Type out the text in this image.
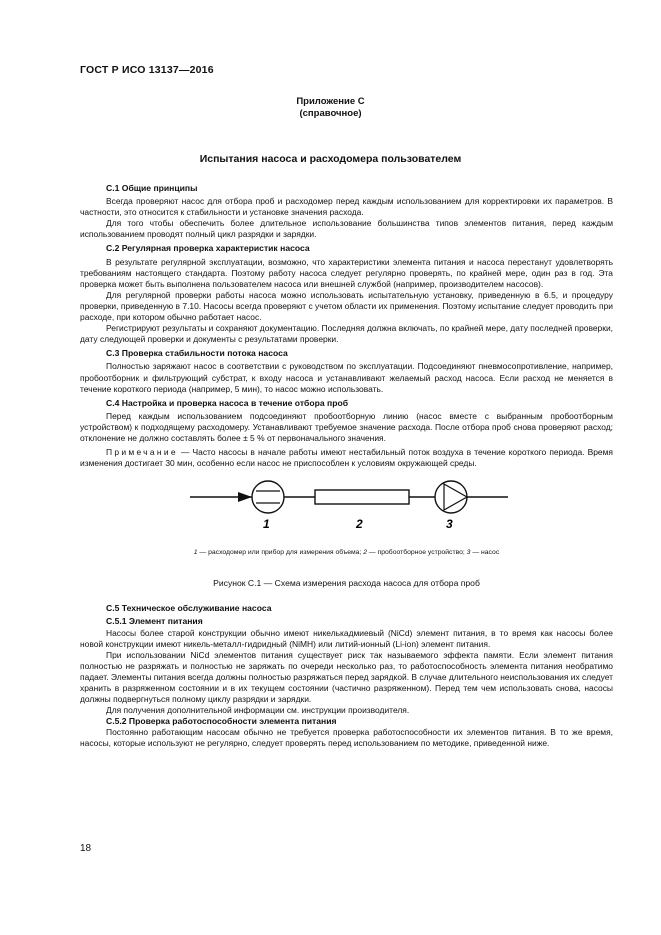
ГОСТ Р ИСО 13137—2016
Приложение С
(справочное)
Испытания насоса и расходомера пользователем
С.1 Общие принципы

Всегда проверяют насос для отбора проб и расходомер перед каждым использованием для корректировки их параметров. В частности, это относится к стабильности и установке значения расхода.

Для того чтобы обеспечить более длительное использование большинства типов элементов питания, перед каждым использованием проводят полный цикл разрядки и зарядки.

С.2 Регулярная проверка характеристик насоса

В результате регулярной эксплуатации, возможно, что характеристики элемента питания и насоса перестанут удовлетворять требованиям настоящего стандарта. Поэтому работу насоса следует регулярно проверять, по крайней мере, один раз в год. Эта проверка может быть выполнена пользователем насоса или внешней службой (например, производителем насосов).

Для регулярной проверки работы насоса можно использовать испытательную установку, приведенную в 6.5, и процедуру проверки, приведенную в 7.10. Насосы всегда проверяют с учетом области их применения. Поэтому испытание следует проводить при расходе, при котором обычно работает насос.

Регистрируют результаты и сохраняют документацию. Последняя должна включать, по крайней мере, дату последней проверки, дату следующей проверки и документы с результатами проверки.

С.3 Проверка стабильности потока насоса

Полностью заряжают насос в соответствии с руководством по эксплуатации. Подсоединяют пневмосопротивление, например, пробоотборник и фильтрующий субстрат, к входу насоса и устанавливают желаемый расход насоса. Если расход не меняется в течение короткого периода (например, 5 мин), то насос можно использовать.

С.4 Настройка и проверка насоса в течение отбора проб

Перед каждым использованием подсоединяют пробоотборную линию (насос вместе с выбранным пробоотборным устройством) к подходящему расходомеру. Устанавливают требуемое значение расхода. После отбора проб снова проверяют расход; отклонение не должно составлять более ± 5 % от первоначального значения.

Примечание — Часто насосы в начале работы имеют нестабильный поток воздуха в течение короткого периода. Время изменения достигает 30 мин, особенно если насос не приспособлен к условиям окружающей среды.

1	2	3
1 — расходомер или прибор для измерения объема; 2 — пробоотборное устройство; 3 — насос
Рисунок С.1 — Схема измерения расхода насоса для отбора проб
С.5 Техническое обслуживание насоса
С.5.1 Элемент питания

Насосы более старой конструкции обычно имеют никелькадмиевый (NiCd) элемент питания, в то время как насосы более новой конструкции имеют никель-металл-гидридный (NiMH) или литий-ионный (Li-ion) элемент питания.

При использовании NiCd элементов питания существует риск так называемого эффекта памяти. Если элемент питания полностью не разряжать и полностью не заряжать по очереди несколько раз, то работоспособность элемента питания необратимо падает. Элементы питания всегда должны полностью разряжаться перед зарядкой. В случае длительного неиспользования их следует хранить в разряженном состоянии и в их текущем состоянии (частично разряженном). Перед тем чем использовать снова, насосы должны подвергнуться полному циклу разрядки и зарядки.

Для получения дополнительной информации см. инструкции производителя.

С.5.2 Проверка работоспособности элемента питания

Постоянно работающим насосам обычно не требуется проверка работоспособности их элементов питания. В то же время, насосы, которые используют не регулярно, следует проверять перед использованием по методике, приведенной ниже.

18
